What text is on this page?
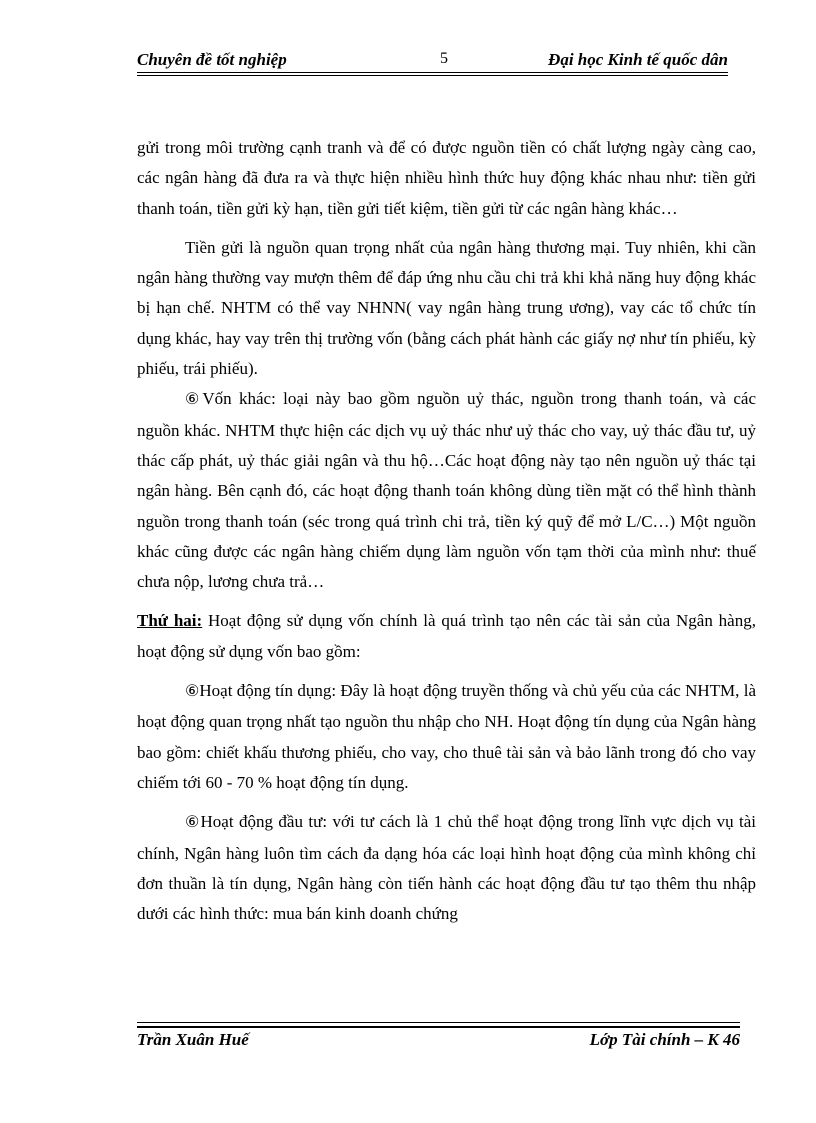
Chuyên đề tốt nghiệp	5	Đại học Kinh tế quốc dân

gửi trong môi trường cạnh tranh và để có được nguồn tiền có chất lượng ngày càng cao, các ngân hàng đã đưa ra và thực hiện nhiều hình thức huy động khác nhau như: tiền gửi thanh toán, tiền gửi kỳ hạn, tiền gửi tiết kiệm, tiền gửi từ các ngân hàng khác…

Tiền gửi là nguồn quan trọng nhất của ngân hàng thương mại. Tuy nhiên, khi cần ngân hàng thường vay mượn thêm để đáp ứng nhu cầu chi trả khi khả năng huy động khác bị hạn chế. NHTM có thể vay NHNN( vay ngân hàng trung ương), vay các tổ chức tín dụng khác, hay vay trên thị trường vốn (bằng cách phát hành các giấy nợ như tín phiếu, kỳ phiếu, trái phiếu).

⑥Vốn khác: loại này bao gồm nguồn uỷ thác, nguồn trong thanh toán, và các nguồn khác. NHTM thực hiện các dịch vụ uỷ thác như uỷ thác cho vay, uỷ thác đầu tư, uỷ thác cấp phát, uỷ thác giải ngân và thu hộ…Các hoạt động này tạo nên nguồn uỷ thác tại ngân hàng. Bên cạnh đó, các hoạt động thanh toán không dùng tiền mặt có thể hình thành nguồn trong thanh toán (séc trong quá trình chi trả, tiền ký quỹ để mở L/C…) Một nguồn khác cũng được các ngân hàng chiếm dụng làm nguồn vốn tạm thời của mình như: thuế chưa nộp, lương chưa trả…

Thứ hai: Hoạt động sử dụng vốn chính là quá trình tạo nên các tài sản của Ngân hàng, hoạt động sử dụng vốn bao gồm:

⑥Hoạt động tín dụng: Đây là hoạt động truyền thống và chủ yếu của các NHTM, là hoạt động quan trọng nhất tạo nguồn thu nhập cho NH. Hoạt động tín dụng của Ngân hàng bao gồm: chiết khấu thương phiếu, cho vay, cho thuê tài sản và bảo lãnh trong đó cho vay chiếm tới 60 - 70 % hoạt động tín dụng.

⑥Hoạt động đầu tư: với tư cách là 1 chủ thể hoạt động trong lĩnh vực dịch vụ tài chính, Ngân hàng luôn tìm cách đa dạng hóa các loại hình hoạt động của mình không chỉ đơn thuần là tín dụng, Ngân hàng còn tiến hành các hoạt động đầu tư tạo thêm thu nhập dưới các hình thức: mua bán kinh doanh chứng

Trần Xuân Huế	Lớp Tài chính – K 46
